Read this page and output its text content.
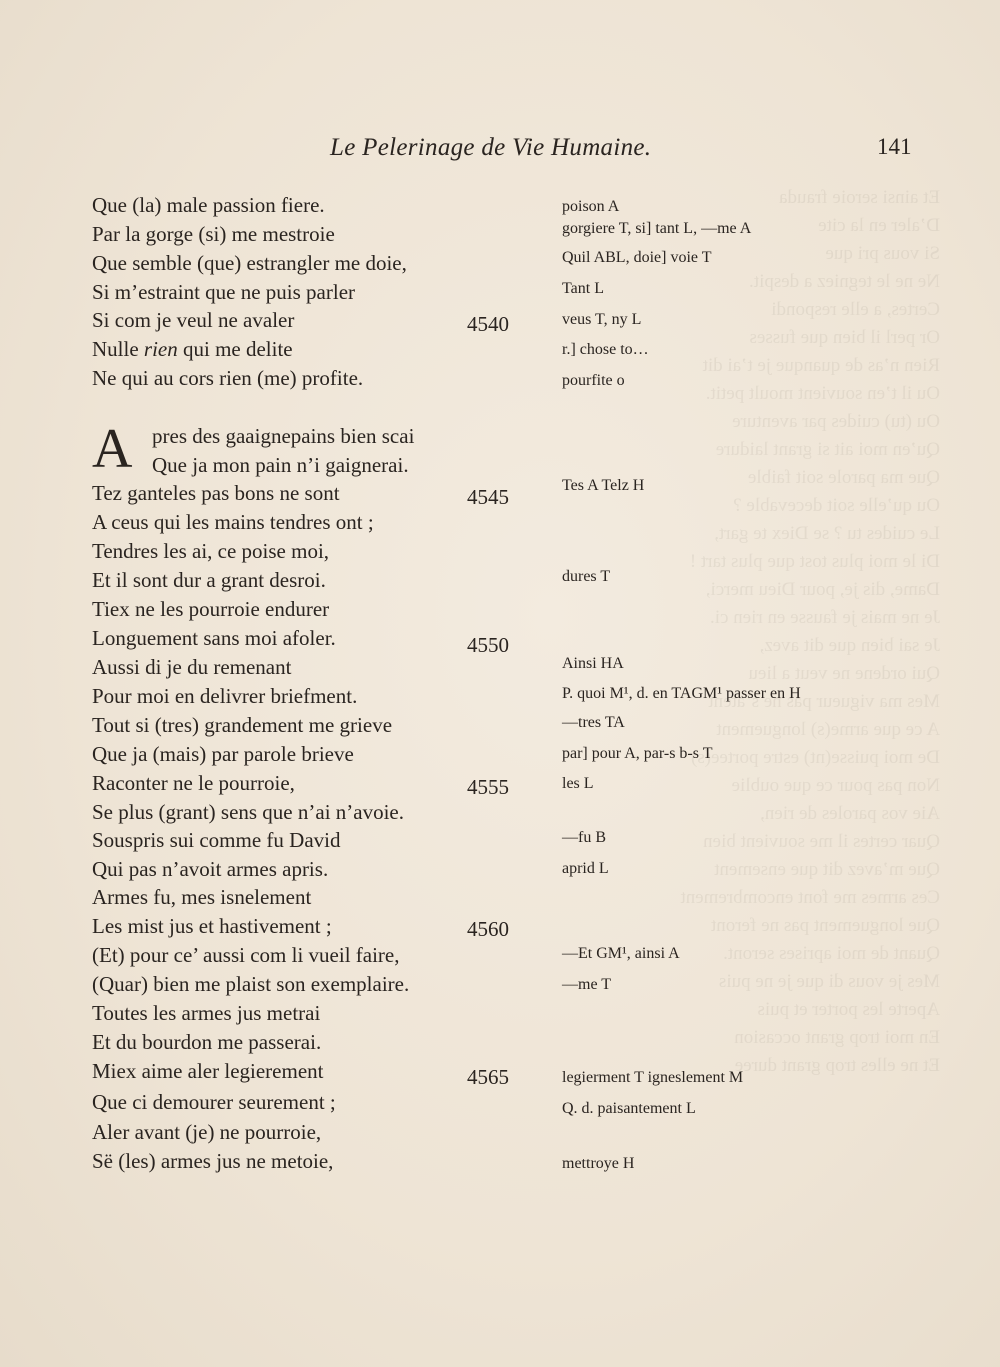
Le Pelerinage de Vie Humaine.	141
A
Que (la) male passion fiere.
Par la gorge (si) me mestroie
Que semble (que) estrangler me doie,
Si m’estraint que ne puis parler
Si com je veul ne avaler
Nulle rien qui me delite
Ne qui au cors rien (me) profite.
pres des gaaignepains bien scai
Que ja mon pain n’i gaignerai.
Tez ganteles pas bons ne sont
A ceus qui les mains tendres ont ;
Tendres les ai, ce poise moi,
Et il sont dur a grant desroi.
Tiex ne les pourroie endurer
Longuement sans moi afoler.
Aussi di je du remenant
Pour moi en delivrer briefment.
Tout si (tres) grandement me grieve
Que ja (mais) par parole brieve
Raconter ne le pourroie,
Se plus (grant) sens que n’ai n’avoie.
Souspris sui comme fu David
Qui pas n’avoit armes apris.
Armes fu, mes isnelement
Les mist jus et hastivement ;
(Et) pour ce’ aussi com li vueil faire,
(Quar) bien me plaist son exemplaire.
Toutes les armes jus metrai
Et du bourdon me passerai.
Miex aime aler legierement
Que ci demourer seurement ;
Aler avant (je) ne pourroie,
Së (les) armes jus ne metoie,
4540
4545
4550
4555
4560
4565
poison A
gorgiere T, si] tant L, —me A
Quil ABL, doie] voie T
Tant L
veus T, ny L
r.] chose to…
pourfite o
Tes A Telz H
dures T
Ainsi HA
P. quoi M¹, d. en TAGM¹ passer en H
—tres TA
par] pour A, par-s b-s T
les L
—fu B
aprid L
—Et GM¹, ainsi A
—me T
legierment T igneslement M
Q. d. paisantement L
mettroye H
